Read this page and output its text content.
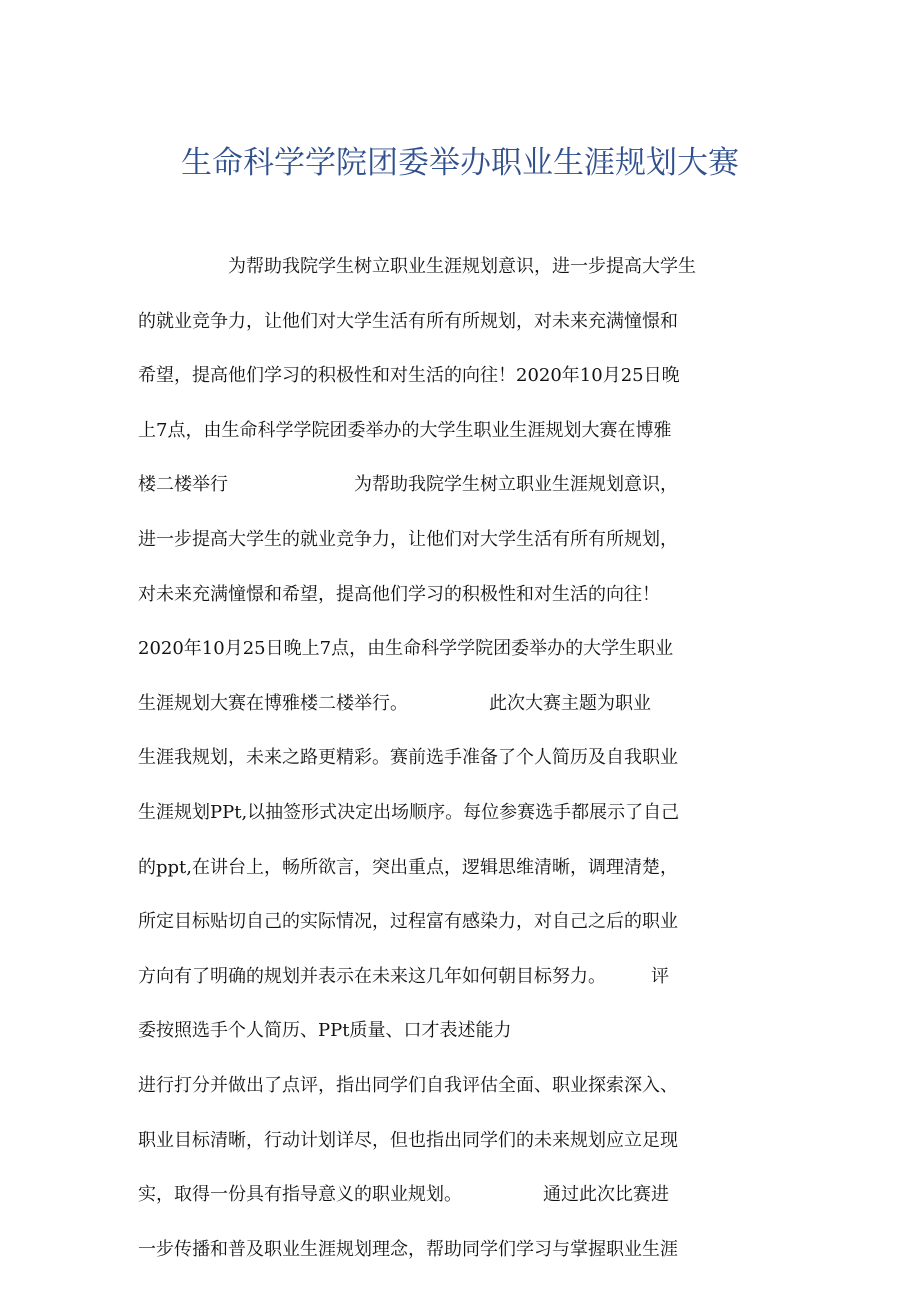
生命科学学院团委举办职业生涯规划大赛
　　　　　为帮助我院学生树立职业生涯规划意识，进一步提高大学生
的就业竞争力，让他们对大学生活有所有所规划，对未来充满憧憬和
希望，提高他们学习的积极性和对生活的向往！2020年10月25日晚
上7点，由生命科学学院团委举办的大学生职业生涯规划大赛在博雅
楼二楼举行　　　　　　　为帮助我院学生树立职业生涯规划意识，
进一步提高大学生的就业竞争力，让他们对大学生活有所有所规划，
对未来充满憧憬和希望，提高他们学习的积极性和对生活的向往！
2020年10月25日晚上7点，由生命科学学院团委举办的大学生职业
生涯规划大赛在博雅楼二楼举行。　　　　　此次大赛主题为职业
生涯我规划，未来之路更精彩。赛前选手准备了个人简历及自我职业
生涯规划PPt,以抽签形式决定出场顺序。每位参赛选手都展示了自己
的ppt,在讲台上，畅所欲言，突出重点，逻辑思维清晰，调理清楚，
所定目标贴切自己的实际情况，过程富有感染力，对自己之后的职业
方向有了明确的规划并表示在未来这几年如何朝目标努力。　　　评
委按照选手个人简历、PPt质量、口才表述能力
进行打分并做出了点评，指出同学们自我评估全面、职业探索深入、
职业目标清晰，行动计划详尽，但也指出同学们的未来规划应立足现
实，取得一份具有指导意义的职业规划。　　　　　通过此次比赛进
一步传播和普及职业生涯规划理念，帮助同学们学习与掌握职业生涯
